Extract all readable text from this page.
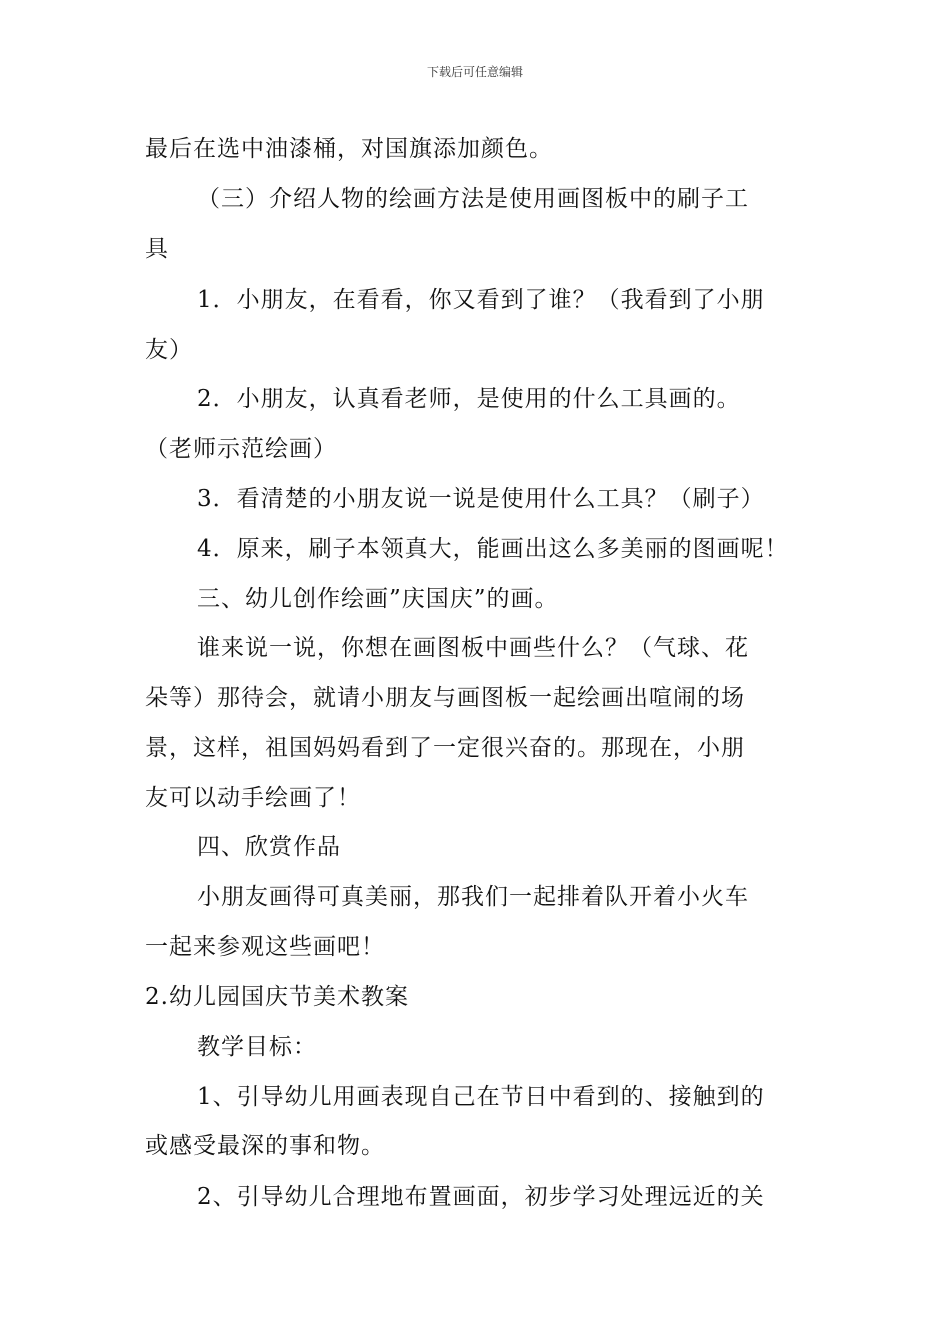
下载后可任意编辑
最后在选中油漆桶，对国旗添加颜色。
（三）介绍人物的绘画方法是使用画图板中的刷子工
具
1．小朋友，在看看，你又看到了谁？（我看到了小朋
友）
2．小朋友，认真看老师，是使用的什么工具画的。
（老师示范绘画）
3．看清楚的小朋友说一说是使用什么工具？（刷子）
4．原来，刷子本领真大，能画出这么多美丽的图画呢！
三、幼儿创作绘画”庆国庆”的画。
谁来说一说，你想在画图板中画些什么？（气球、花
朵等）那待会，就请小朋友与画图板一起绘画出喧闹的场
景，这样，祖国妈妈看到了一定很兴奋的。那现在，小朋
友可以动手绘画了！
四、欣赏作品
小朋友画得可真美丽，那我们一起排着队开着小火车
一起来参观这些画吧！
2.幼儿园国庆节美术教案
教学目标：
1、引导幼儿用画表现自己在节日中看到的、接触到的
或感受最深的事和物。
2、引导幼儿合理地布置画面，初步学习处理远近的关
